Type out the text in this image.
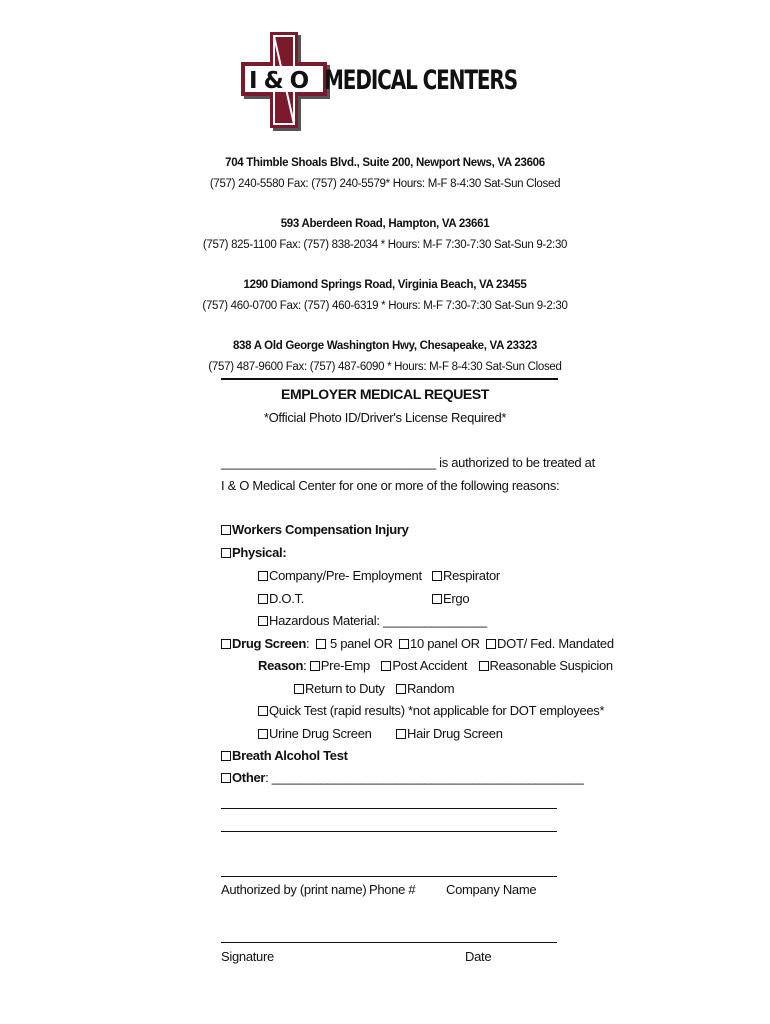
I & O MEDICAL CENTERS
704 Thimble Shoals Blvd., Suite 200, Newport News, VA 23606
(757) 240-5580 Fax: (757) 240-5579* Hours: M-F 8-4:30 Sat-Sun Closed
593 Aberdeen Road, Hampton, VA 23661
(757) 825-1100 Fax: (757) 838-2034 * Hours: M-F 7:30-7:30 Sat-Sun 9-2:30
1290 Diamond Springs Road, Virginia Beach, VA 23455
(757) 460-0700 Fax: (757) 460-6319 * Hours: M-F 7:30-7:30 Sat-Sun 9-2:30
838 A Old George Washington Hwy, Chesapeake, VA 23323
(757) 487-9600 Fax: (757) 487-6090 * Hours: M-F 8-4:30 Sat-Sun Closed
EMPLOYER MEDICAL REQUEST
*Official Photo ID/Driver's License Required*
_______________________________ is authorized to be treated at
I & O Medical Center for one or more of the following reasons:
Workers Compensation Injury
Physical:
Company/Pre- Employment	Respirator
D.O.T.	Ergo
Hazardous Material: _______________
Drug Screen: 5 panel OR 10 panel OR DOT/ Fed. Mandated
Reason: Pre-Emp Post Accident Reasonable Suspicion
Return to Duty Random
Quick Test (rapid results) *not applicable for DOT employees*
Urine Drug Screen	Hair Drug Screen
Breath Alcohol Test
Other: _____________________________________________
Authorized by (print name) Phone # Company Name
Signature	Date
